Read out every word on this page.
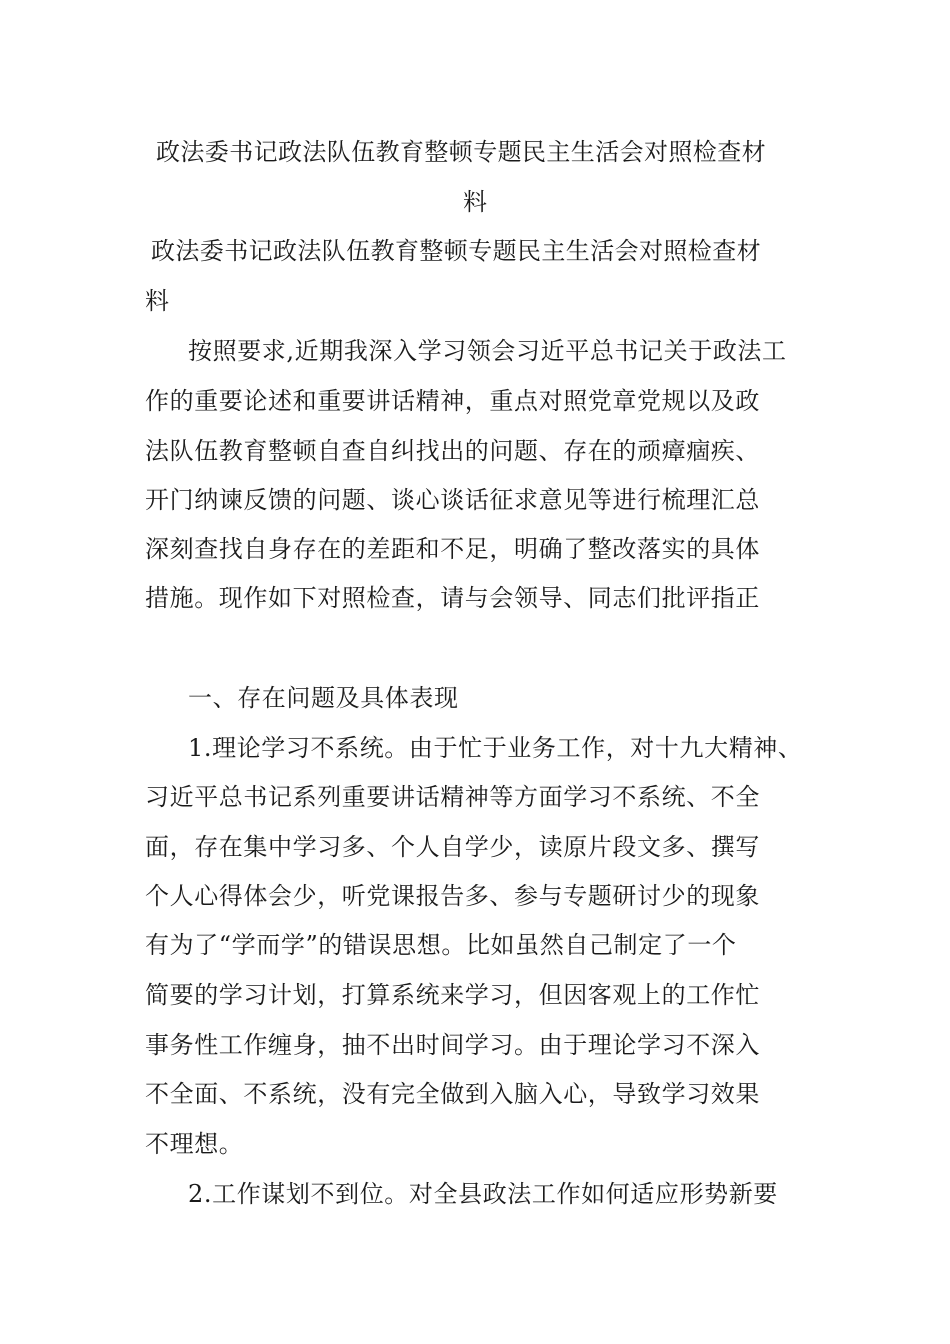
政法委书记政法队伍教育整顿专题民主生活会对照检查材
料
政法委书记政法队伍教育整顿专题民主生活会对照检查材
料
按照要求,近期我深入学习领会习近平总书记关于政法工
作的重要论述和重要讲话精神，重点对照党章党规以及政
法队伍教育整顿自查自纠找出的问题、存在的顽瘴痼疾、
开门纳谏反馈的问题、谈心谈话征求意见等进行梳理汇总
深刻查找自身存在的差距和不足，明确了整改落实的具体
措施。现作如下对照检查，请与会领导、同志们批评指正
一、存在问题及具体表现
1.理论学习不系统。由于忙于业务工作，对十九大精神、
习近平总书记系列重要讲话精神等方面学习不系统、不全
面，存在集中学习多、个人自学少，读原片段文多、撰写
个人心得体会少，听党课报告多、参与专题研讨少的现象
有为了“学而学”的错误思想。比如虽然自己制定了一个
简要的学习计划，打算系统来学习，但因客观上的工作忙
事务性工作缠身，抽不出时间学习。由于理论学习不深入
不全面、不系统，没有完全做到入脑入心，导致学习效果
不理想。
2.工作谋划不到位。对全县政法工作如何适应形势新要
